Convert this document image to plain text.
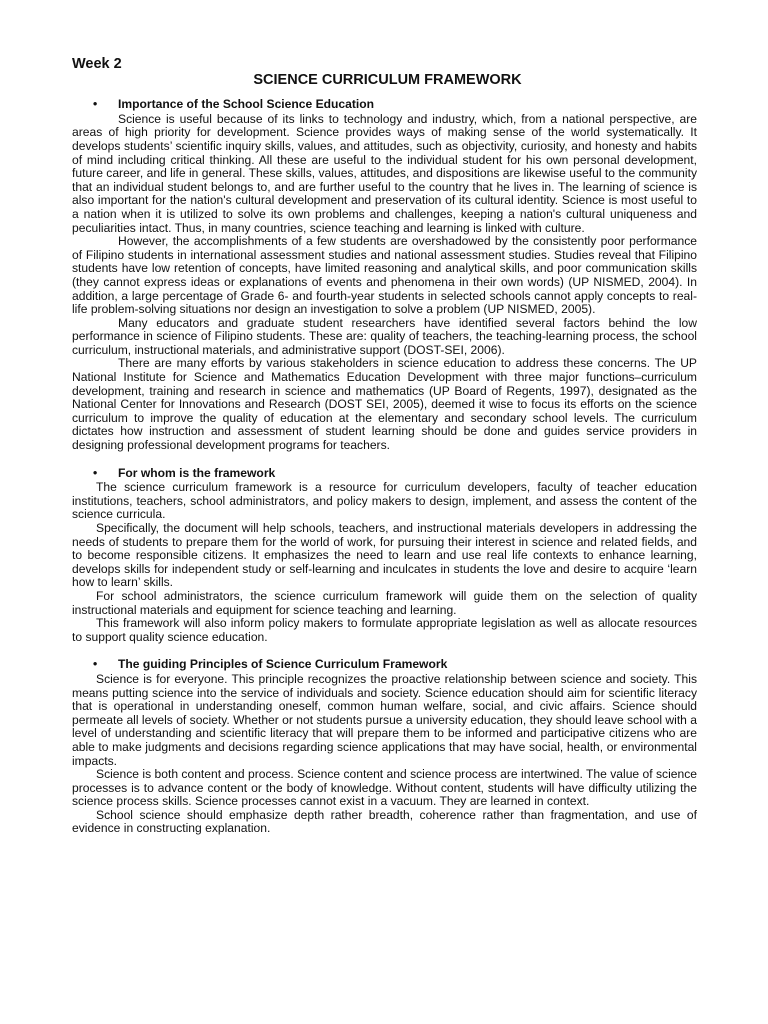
Week 2
SCIENCE CURRICULUM FRAMEWORK
• Importance of the School Science Education

Science is useful because of its links to technology and industry, which, from a national perspective, are areas of high priority for development. Science provides ways of making sense of the world systematically. It develops students’ scientific inquiry skills, values, and attitudes, such as objectivity, curiosity, and honesty and habits of mind including critical thinking. All these are useful to the individual student for his own personal development, future career, and life in general. These skills, values, attitudes, and dispositions are likewise useful to the community that an individual student belongs to, and are further useful to the country that he lives in. The learning of science is also important for the nation's cultural development and preservation of its cultural identity. Science is most useful to a nation when it is utilized to solve its own problems and challenges, keeping a nation's cultural uniqueness and peculiarities intact. Thus, in many countries, science teaching and learning is linked with culture.

However, the accomplishments of a few students are overshadowed by the consistently poor performance of Filipino students in international assessment studies and national assessment studies. Studies reveal that Filipino students have low retention of concepts, have limited reasoning and analytical skills, and poor communication skills (they cannot express ideas or explanations of events and phenomena in their own words) (UP NISMED, 2004). In addition, a large percentage of Grade 6- and fourth-year students in selected schools cannot apply concepts to real-life problem-solving situations nor design an investigation to solve a problem (UP NISMED, 2005).

Many educators and graduate student researchers have identified several factors behind the low performance in science of Filipino students. These are: quality of teachers, the teaching-learning process, the school curriculum, instructional materials, and administrative support (DOST-SEI, 2006).

There are many efforts by various stakeholders in science education to address these concerns. The UP National Institute for Science and Mathematics Education Development with three major functions–curriculum development, training and research in science and mathematics (UP Board of Regents, 1997), designated as the National Center for Innovations and Research (DOST SEI, 2005), deemed it wise to focus its efforts on the science curriculum to improve the quality of education at the elementary and secondary school levels. The curriculum dictates how instruction and assessment of student learning should be done and guides service providers in designing professional development programs for teachers.

• For whom is the framework

The science curriculum framework is a resource for curriculum developers, faculty of teacher education institutions, teachers, school administrators, and policy makers to design, implement, and assess the content of the science curricula.

Specifically, the document will help schools, teachers, and instructional materials developers in addressing the needs of students to prepare them for the world of work, for pursuing their interest in science and related fields, and to become responsible citizens. It emphasizes the need to learn and use real life contexts to enhance learning, develops skills for independent study or self-learning and inculcates in students the love and desire to acquire ‘learn how to learn’ skills.

For school administrators, the science curriculum framework will guide them on the selection of quality instructional materials and equipment for science teaching and learning.

This framework will also inform policy makers to formulate appropriate legislation as well as allocate resources to support quality science education.

• The guiding Principles of Science Curriculum Framework

Science is for everyone. This principle recognizes the proactive relationship between science and society. This means putting science into the service of individuals and society. Science education should aim for scientific literacy that is operational in understanding oneself, common human welfare, social, and civic affairs. Science should permeate all levels of society. Whether or not students pursue a university education, they should leave school with a level of understanding and scientific literacy that will prepare them to be informed and participative citizens who are able to make judgments and decisions regarding science applications that may have social, health, or environmental impacts.

Science is both content and process. Science content and science process are intertwined. The value of science processes is to advance content or the body of knowledge. Without content, students will have difficulty utilizing the science process skills. Science processes cannot exist in a vacuum. They are learned in context.

School science should emphasize depth rather breadth, coherence rather than fragmentation, and use of evidence in constructing explanation.
